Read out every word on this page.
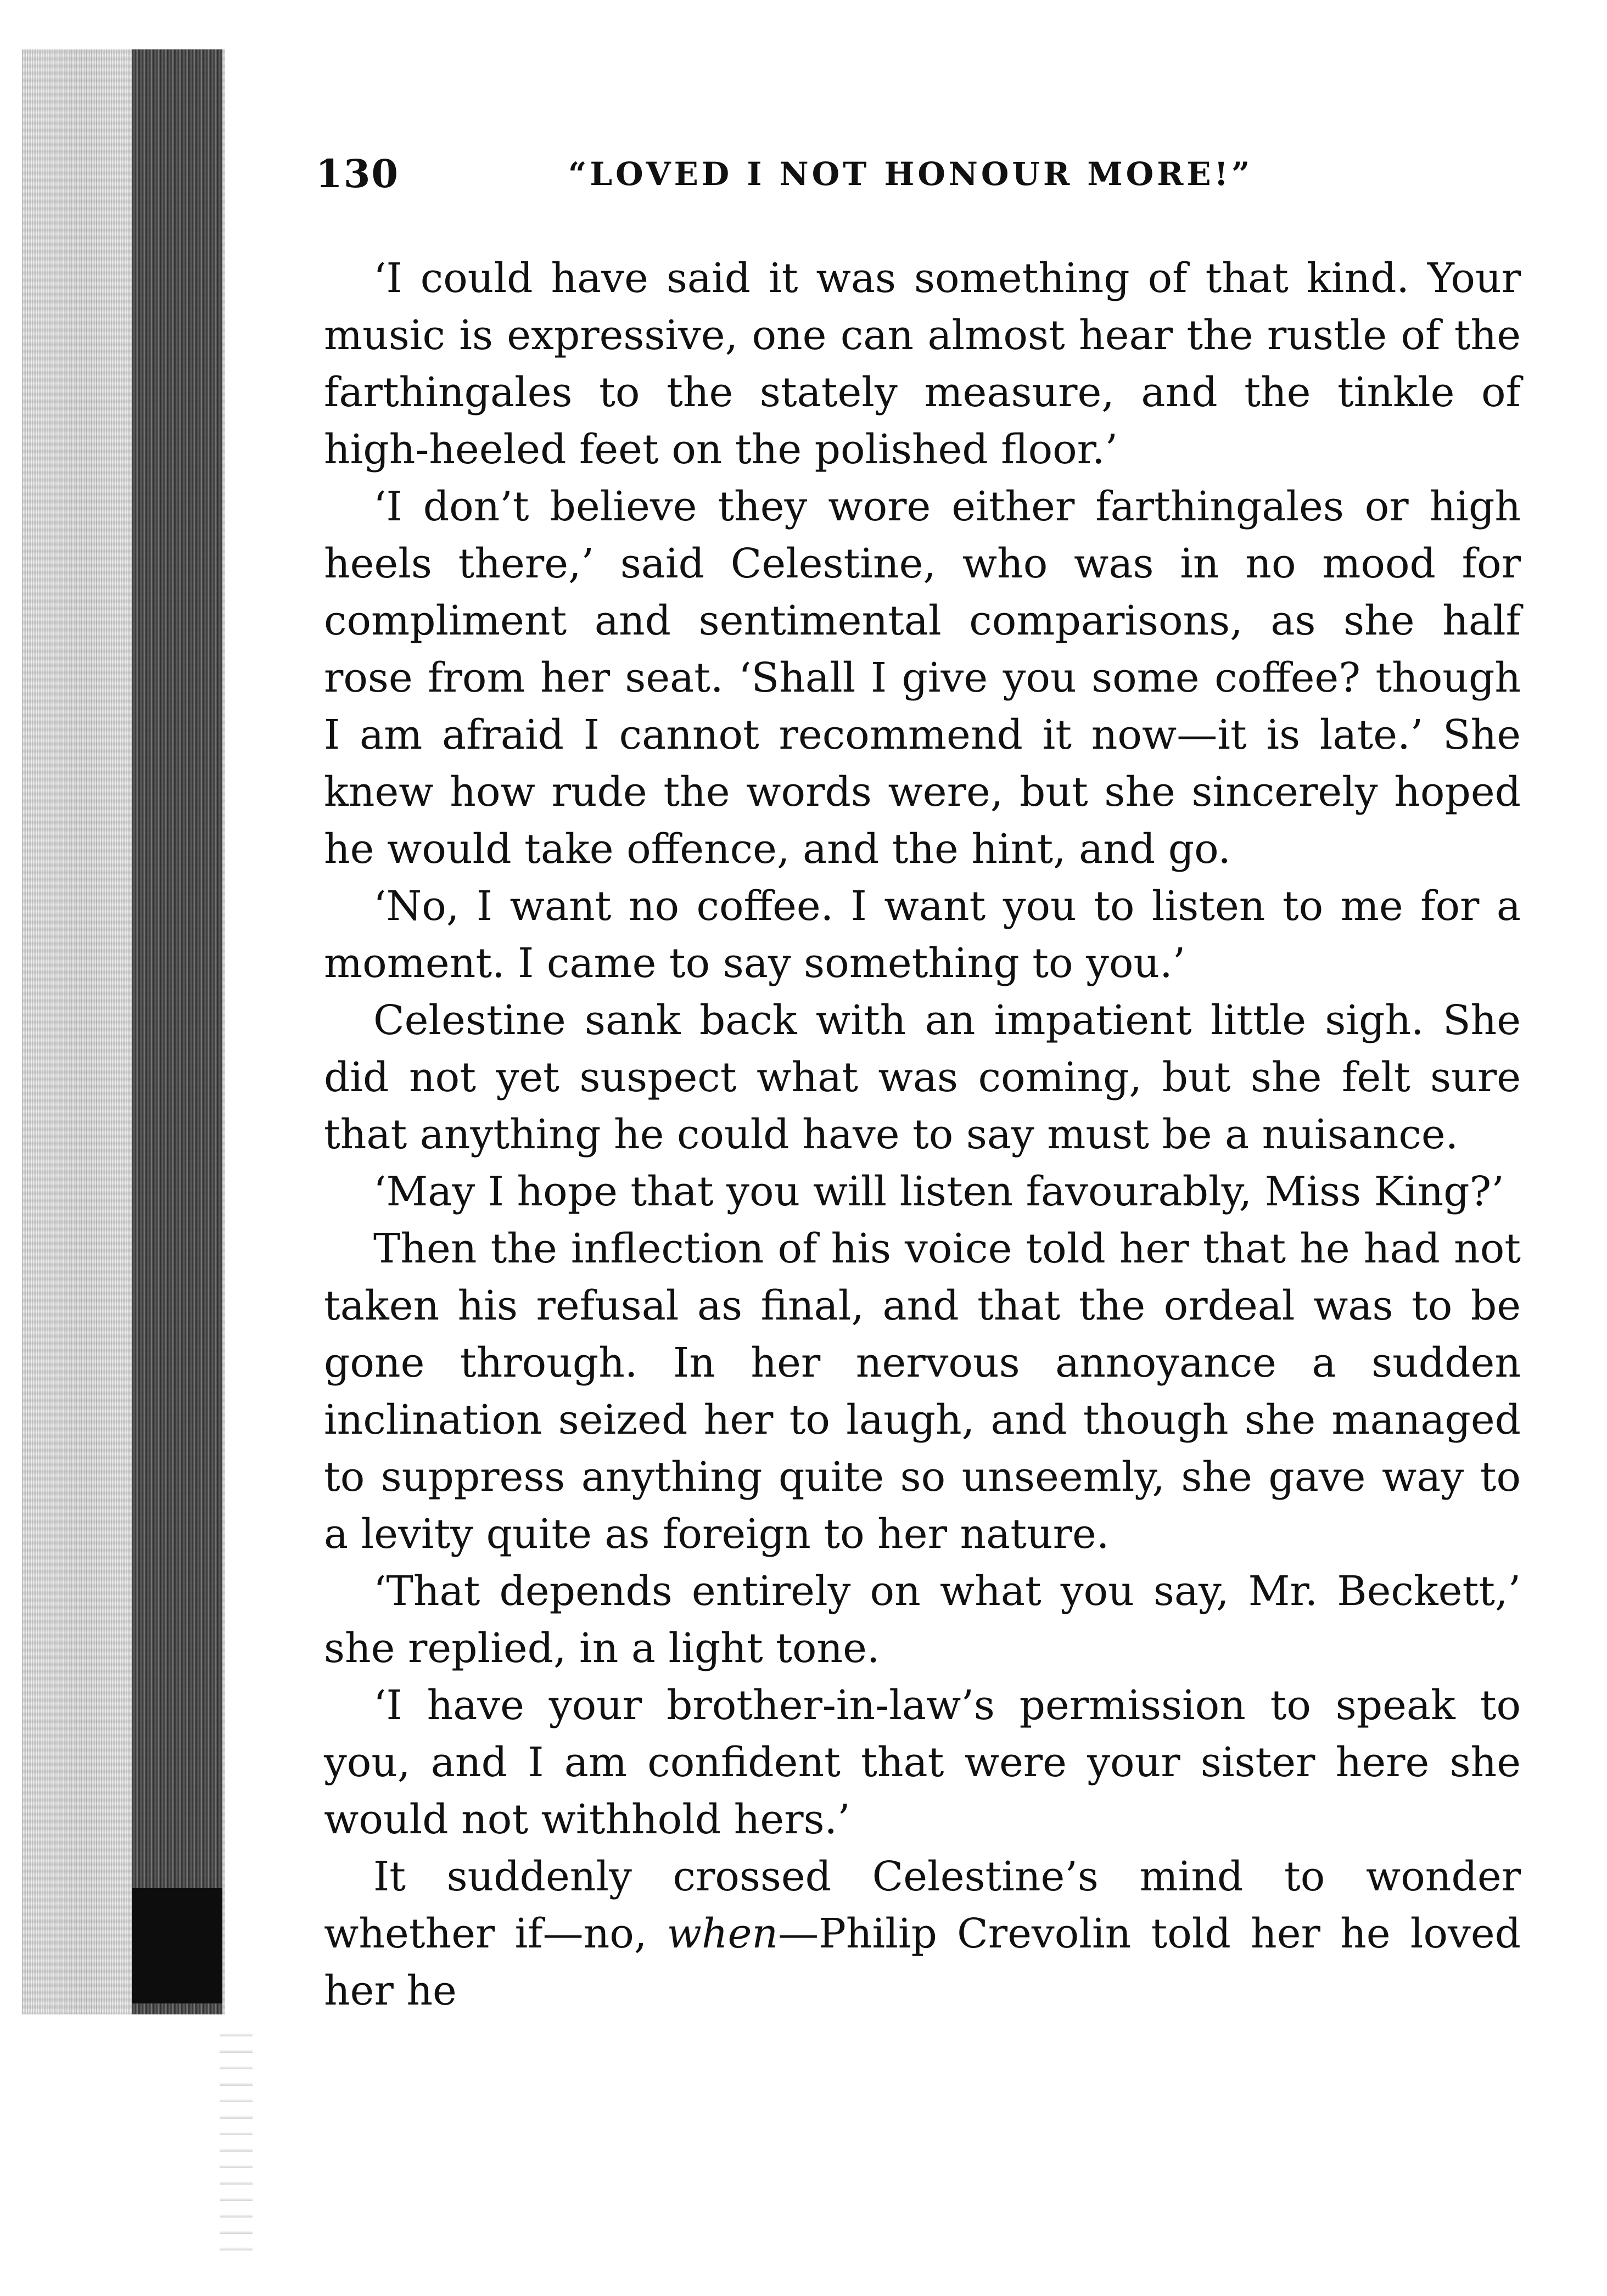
130	“LOVED I NOT HONOUR MORE!”

‘I could have said it was something of that kind. Your music is expressive, one can almost hear the rustle of the farthingales to the stately measure, and the tinkle of high-heeled feet on the polished floor.’

‘I don’t believe they wore either farthingales or high heels there,’ said Celestine, who was in no mood for compliment and sentimental comparisons, as she half rose from her seat. ‘Shall I give you some coffee? though I am afraid I cannot recommend it now—it is late.’ She knew how rude the words were, but she sincerely hoped he would take offence, and the hint, and go.

‘No, I want no coffee. I want you to listen to me for a moment. I came to say something to you.’

Celestine sank back with an impatient little sigh. She did not yet suspect what was coming, but she felt sure that anything he could have to say must be a nuisance.

‘May I hope that you will listen favourably, Miss King?’

Then the inflection of his voice told her that he had not taken his refusal as final, and that the ordeal was to be gone through. In her nervous annoyance a sudden inclination seized her to laugh, and though she managed to suppress anything quite so unseemly, she gave way to a levity quite as foreign to her nature.

‘That depends entirely on what you say, Mr. Beckett,’ she replied, in a light tone.

‘I have your brother-in-law’s permission to speak to you, and I am confident that were your sister here she would not withhold hers.’

It suddenly crossed Celestine’s mind to wonder whether if—no, when—Philip Crevolin told her he loved her he
